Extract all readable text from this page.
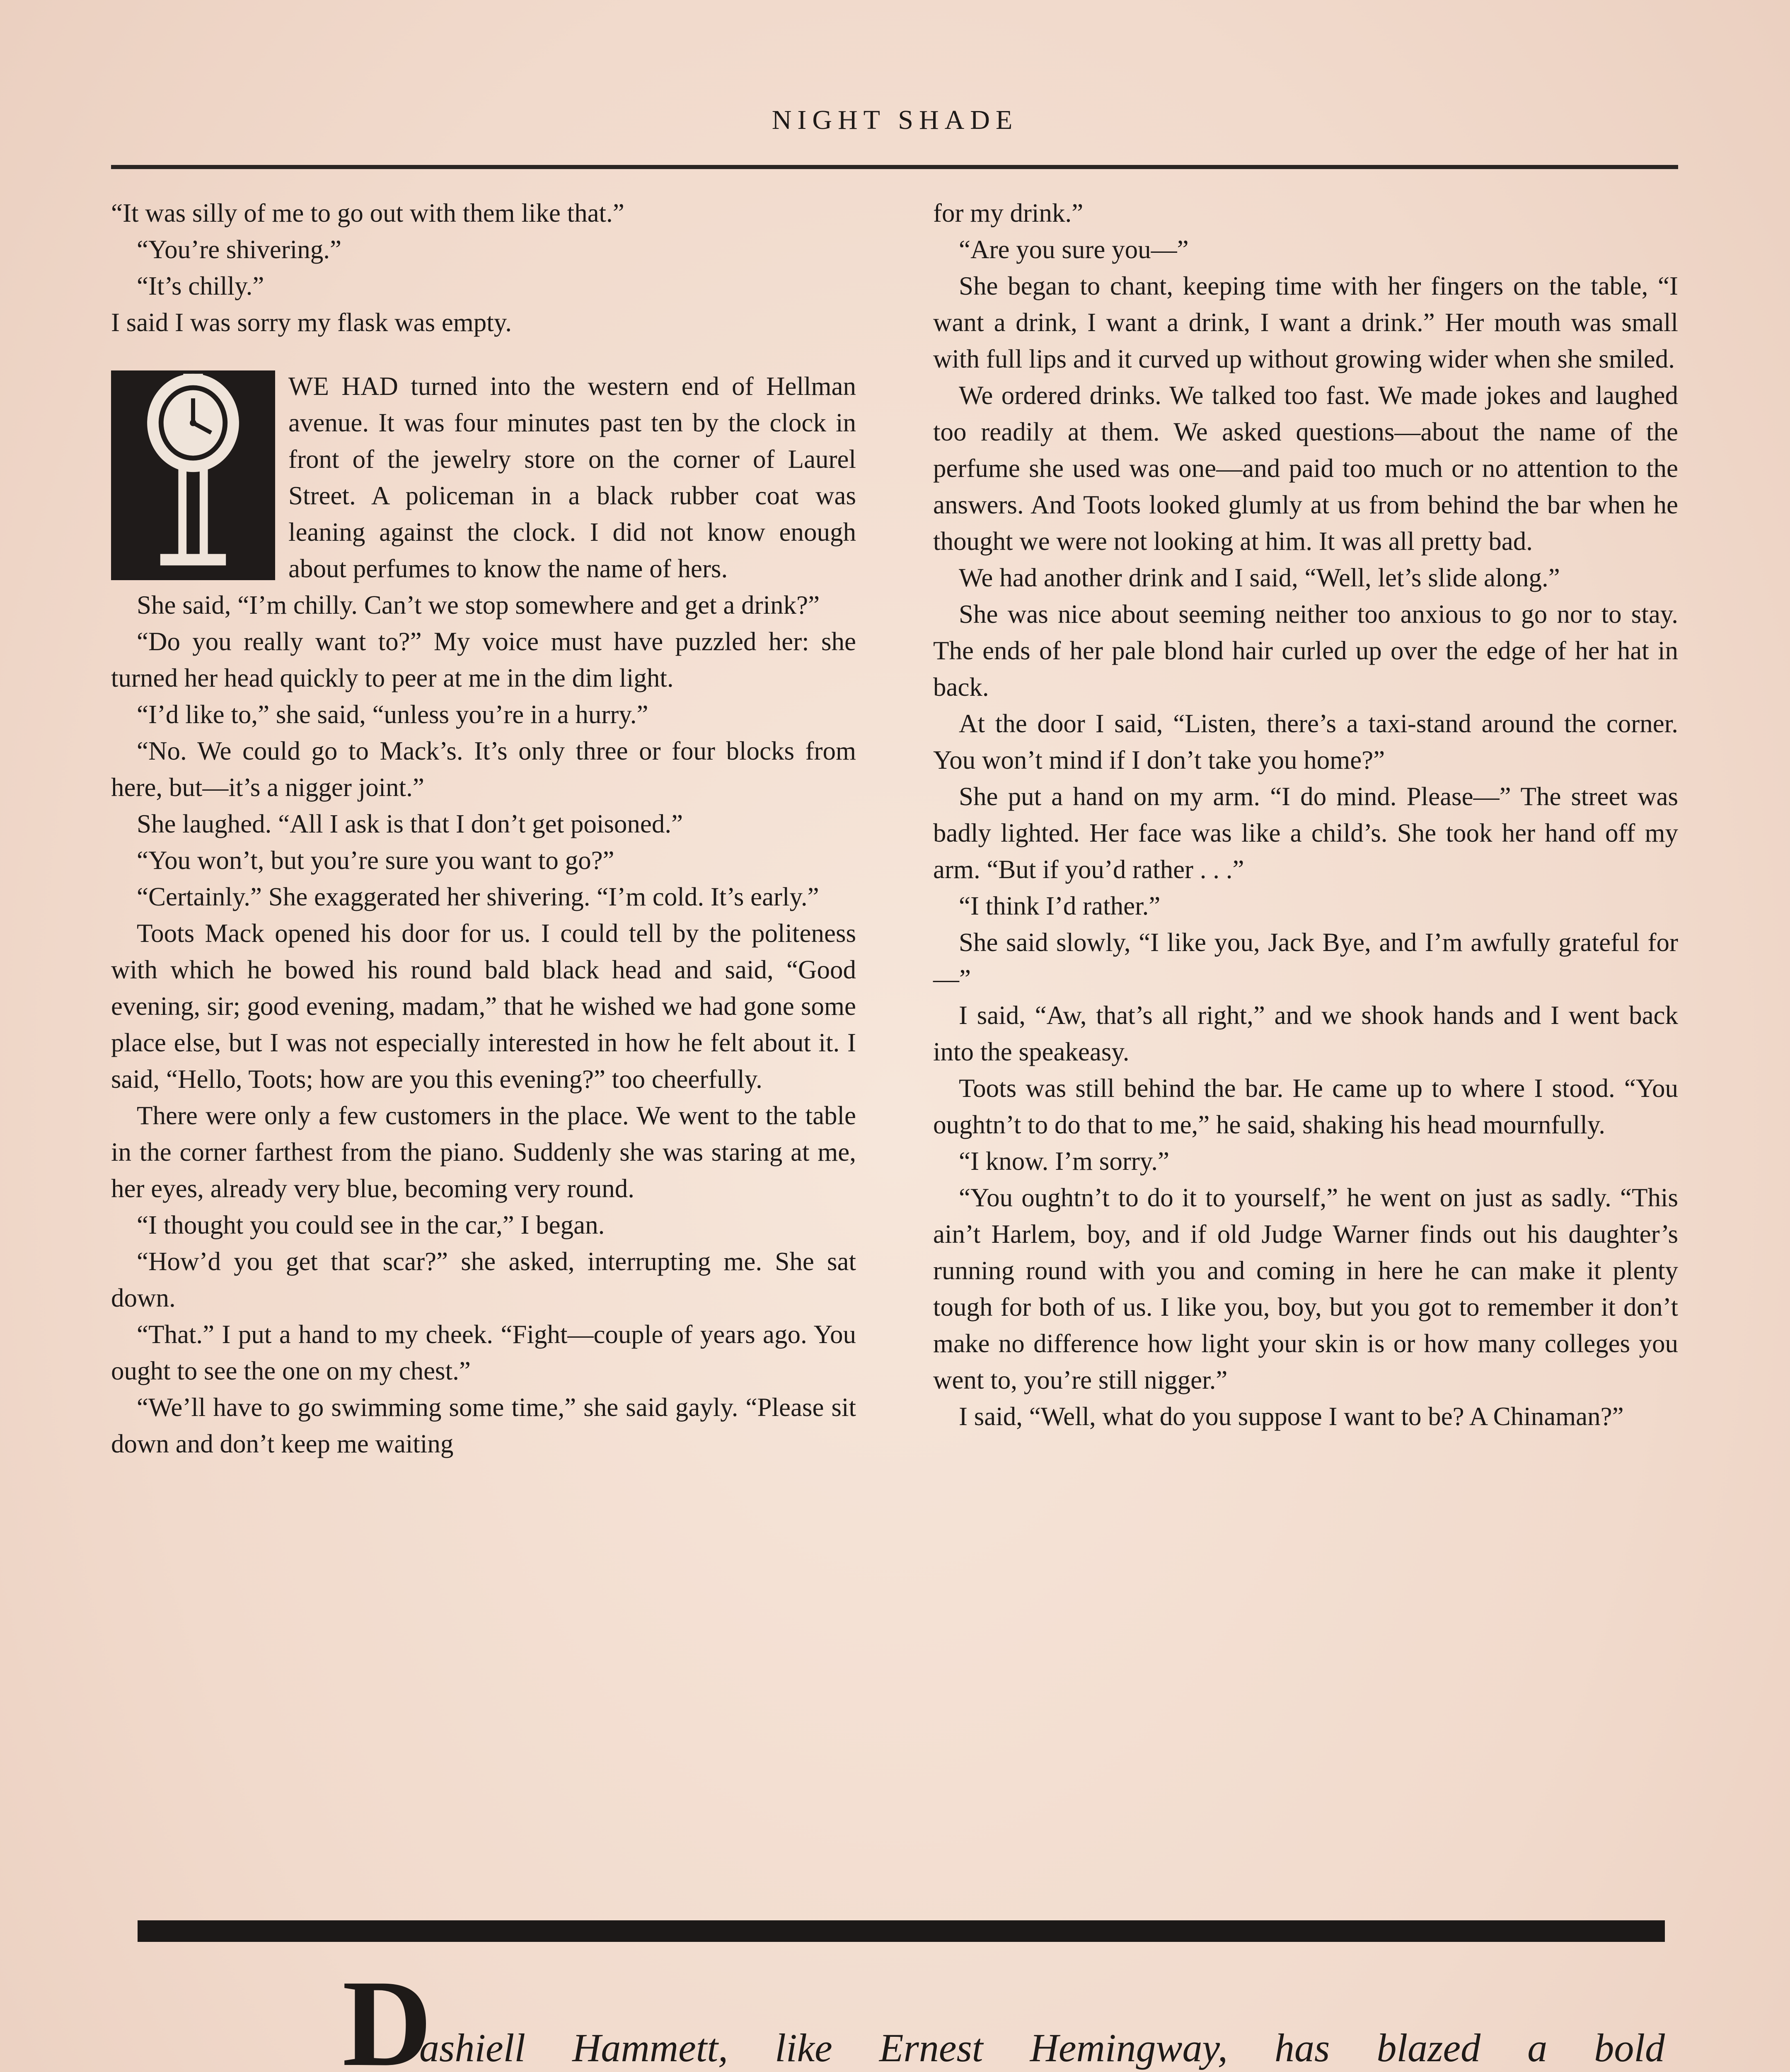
NIGHT SHADE

“It was silly of me to go out with them like that.”

“You’re shivering.”

“It’s chilly.”

I said I was sorry my flask was empty.

WE HAD turned into the western end of Hellman avenue. It was four minutes past ten by the clock in front of the jewelry store on the corner of Laurel Street. A policeman in a black rubber coat was leaning against the clock. I did not know enough about perfumes to know the name of hers.

She said, “I’m chilly. Can’t we stop somewhere and get a drink?”

“Do you really want to?” My voice must have puzzled her: she turned her head quickly to peer at me in the dim light.

“I’d like to,” she said, “unless you’re in a hurry.”

“No. We could go to Mack’s. It’s only three or four blocks from here, but—it’s a nigger joint.”

She laughed. “All I ask is that I don’t get poisoned.”

“You won’t, but you’re sure you want to go?”

“Certainly.” She exaggerated her shivering. “I’m cold. It’s early.”

Toots Mack opened his door for us. I could tell by the politeness with which he bowed his round bald black head and said, “Good evening, sir; good evening, madam,” that he wished we had gone some place else, but I was not especially interested in how he felt about it. I said, “Hello, Toots; how are you this evening?” too cheerfully.

There were only a few customers in the place. We went to the table in the corner farthest from the piano. Suddenly she was staring at me, her eyes, already very blue, becoming very round.

“I thought you could see in the car,” I began.

“How’d you get that scar?” she asked, interrupting me. She sat down.

“That.” I put a hand to my cheek. “Fight—couple of years ago. You ought to see the one on my chest.”

“We’ll have to go swimming some time,” she said gayly. “Please sit down and don’t keep me waiting

for my drink.”

“Are you sure you—”

She began to chant, keeping time with her fingers on the table, “I want a drink, I want a drink, I want a drink.” Her mouth was small with full lips and it curved up without growing wider when she smiled.

We ordered drinks. We talked too fast. We made jokes and laughed too readily at them. We asked questions—about the name of the perfume she used was one—and paid too much or no attention to the answers. And Toots looked glumly at us from behind the bar when he thought we were not looking at him. It was all pretty bad.

We had another drink and I said, “Well, let’s slide along.”

She was nice about seeming neither too anxious to go nor to stay. The ends of her pale blond hair curled up over the edge of her hat in back.

At the door I said, “Listen, there’s a taxi-stand around the corner. You won’t mind if I don’t take you home?”

She put a hand on my arm. “I do mind. Please—” The street was badly lighted. Her face was like a child’s. She took her hand off my arm. “But if you’d rather . . .”

“I think I’d rather.”

She said slowly, “I like you, Jack Bye, and I’m awfully grateful for—”

I said, “Aw, that’s all right,” and we shook hands and I went back into the speakeasy.

Toots was still behind the bar. He came up to where I stood. “You oughtn’t to do that to me,” he said, shaking his head mournfully.

“I know. I’m sorry.”

“You oughtn’t to do it to yourself,” he went on just as sadly. “This ain’t Harlem, boy, and if old Judge Warner finds out his daughter’s running round with you and coming in here he can make it plenty tough for both of us. I like you, boy, but you got to remember it don’t make no difference how light your skin is or how many colleges you went to, you’re still nigger.”

I said, “Well, what do you suppose I want to be? A Chinaman?”

D
ashiell Hammett, like Ernest Hemingway, has blazed a bold
